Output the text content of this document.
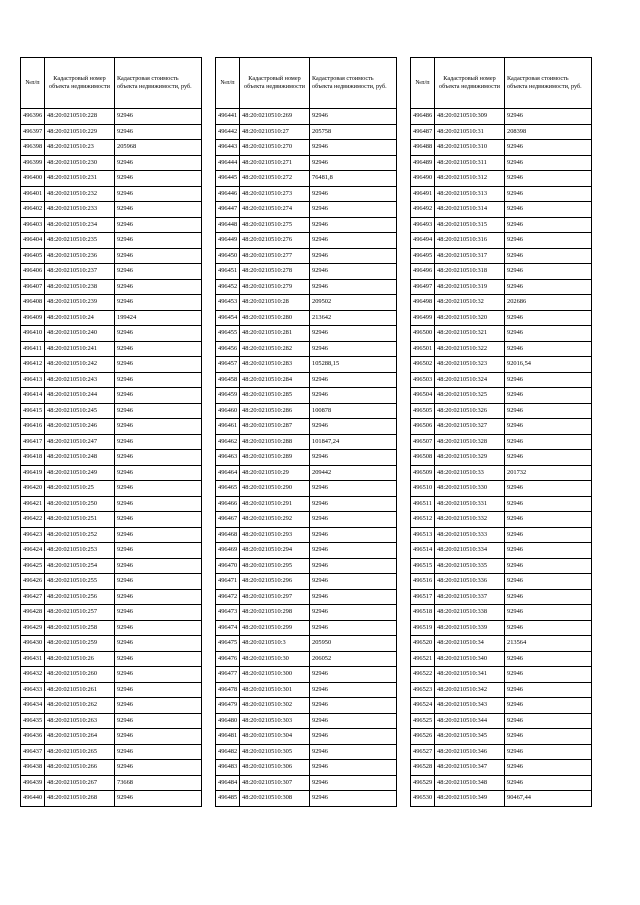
№п/п	Кадастровый номер объекта недвижимости	Кадастровая стоимость объекта недвижимости, руб.
496396	48:20:0210510:228	92946
496397	48:20:0210510:229	92946
496398	48:20:0210510:23	205968
496399	48:20:0210510:230	92946
496400	48:20:0210510:231	92946
496401	48:20:0210510:232	92946
496402	48:20:0210510:233	92946
496403	48:20:0210510:234	92946
496404	48:20:0210510:235	92946
496405	48:20:0210510:236	92946
496406	48:20:0210510:237	92946
496407	48:20:0210510:238	92946
496408	48:20:0210510:239	92946
496409	48:20:0210510:24	199424
496410	48:20:0210510:240	92946
496411	48:20:0210510:241	92946
496412	48:20:0210510:242	92946
496413	48:20:0210510:243	92946
496414	48:20:0210510:244	92946
496415	48:20:0210510:245	92946
496416	48:20:0210510:246	92946
496417	48:20:0210510:247	92946
496418	48:20:0210510:248	92946
496419	48:20:0210510:249	92946
496420	48:20:0210510:25	92946
496421	48:20:0210510:250	92946
496422	48:20:0210510:251	92946
496423	48:20:0210510:252	92946
496424	48:20:0210510:253	92946
496425	48:20:0210510:254	92946
496426	48:20:0210510:255	92946
496427	48:20:0210510:256	92946
496428	48:20:0210510:257	92946
496429	48:20:0210510:258	92946
496430	48:20:0210510:259	92946
496431	48:20:0210510:26	92946
496432	48:20:0210510:260	92946
496433	48:20:0210510:261	92946
496434	48:20:0210510:262	92946
496435	48:20:0210510:263	92946
496436	48:20:0210510:264	92946
496437	48:20:0210510:265	92946
496438	48:20:0210510:266	92946
496439	48:20:0210510:267	73668
496440	48:20:0210510:268	92946
№п/п	Кадастровый номер объекта недвижимости	Кадастровая стоимость объекта недвижимости, руб.
496441	48:20:0210510:269	92946
496442	48:20:0210510:27	205758
496443	48:20:0210510:270	92946
496444	48:20:0210510:271	92946
496445	48:20:0210510:272	76481,8
496446	48:20:0210510:273	92946
496447	48:20:0210510:274	92946
496448	48:20:0210510:275	92946
496449	48:20:0210510:276	92946
496450	48:20:0210510:277	92946
496451	48:20:0210510:278	92946
496452	48:20:0210510:279	92946
496453	48:20:0210510:28	209502
496454	48:20:0210510:280	213642
496455	48:20:0210510:281	92946
496456	48:20:0210510:282	92946
496457	48:20:0210510:283	105288,15
496458	48:20:0210510:284	92946
496459	48:20:0210510:285	92946
496460	48:20:0210510:286	100878
496461	48:20:0210510:287	92946
496462	48:20:0210510:288	101847,24
496463	48:20:0210510:289	92946
496464	48:20:0210510:29	209442
496465	48:20:0210510:290	92946
496466	48:20:0210510:291	92946
496467	48:20:0210510:292	92946
496468	48:20:0210510:293	92946
496469	48:20:0210510:294	92946
496470	48:20:0210510:295	92946
496471	48:20:0210510:296	92946
496472	48:20:0210510:297	92946
496473	48:20:0210510:298	92946
496474	48:20:0210510:299	92946
496475	48:20:0210510:3	205950
496476	48:20:0210510:30	206052
496477	48:20:0210510:300	92946
496478	48:20:0210510:301	92946
496479	48:20:0210510:302	92946
496480	48:20:0210510:303	92946
496481	48:20:0210510:304	92946
496482	48:20:0210510:305	92946
496483	48:20:0210510:306	92946
496484	48:20:0210510:307	92946
496485	48:20:0210510:308	92946
№п/п	Кадастровый номер объекта недвижимости	Кадастровая стоимость объекта недвижимости, руб.
496486	48:20:0210510:309	92946
496487	48:20:0210510:31	208398
496488	48:20:0210510:310	92946
496489	48:20:0210510:311	92946
496490	48:20:0210510:312	92946
496491	48:20:0210510:313	92946
496492	48:20:0210510:314	92946
496493	48:20:0210510:315	92946
496494	48:20:0210510:316	92946
496495	48:20:0210510:317	92946
496496	48:20:0210510:318	92946
496497	48:20:0210510:319	92946
496498	48:20:0210510:32	202686
496499	48:20:0210510:320	92946
496500	48:20:0210510:321	92946
496501	48:20:0210510:322	92946
496502	48:20:0210510:323	92016,54
496503	48:20:0210510:324	92946
496504	48:20:0210510:325	92946
496505	48:20:0210510:326	92946
496506	48:20:0210510:327	92946
496507	48:20:0210510:328	92946
496508	48:20:0210510:329	92946
496509	48:20:0210510:33	201732
496510	48:20:0210510:330	92946
496511	48:20:0210510:331	92946
496512	48:20:0210510:332	92946
496513	48:20:0210510:333	92946
496514	48:20:0210510:334	92946
496515	48:20:0210510:335	92946
496516	48:20:0210510:336	92946
496517	48:20:0210510:337	92946
496518	48:20:0210510:338	92946
496519	48:20:0210510:339	92946
496520	48:20:0210510:34	213564
496521	48:20:0210510:340	92946
496522	48:20:0210510:341	92946
496523	48:20:0210510:342	92946
496524	48:20:0210510:343	92946
496525	48:20:0210510:344	92946
496526	48:20:0210510:345	92946
496527	48:20:0210510:346	92946
496528	48:20:0210510:347	92946
496529	48:20:0210510:348	92946
496530	48:20:0210510:349	90467,44
